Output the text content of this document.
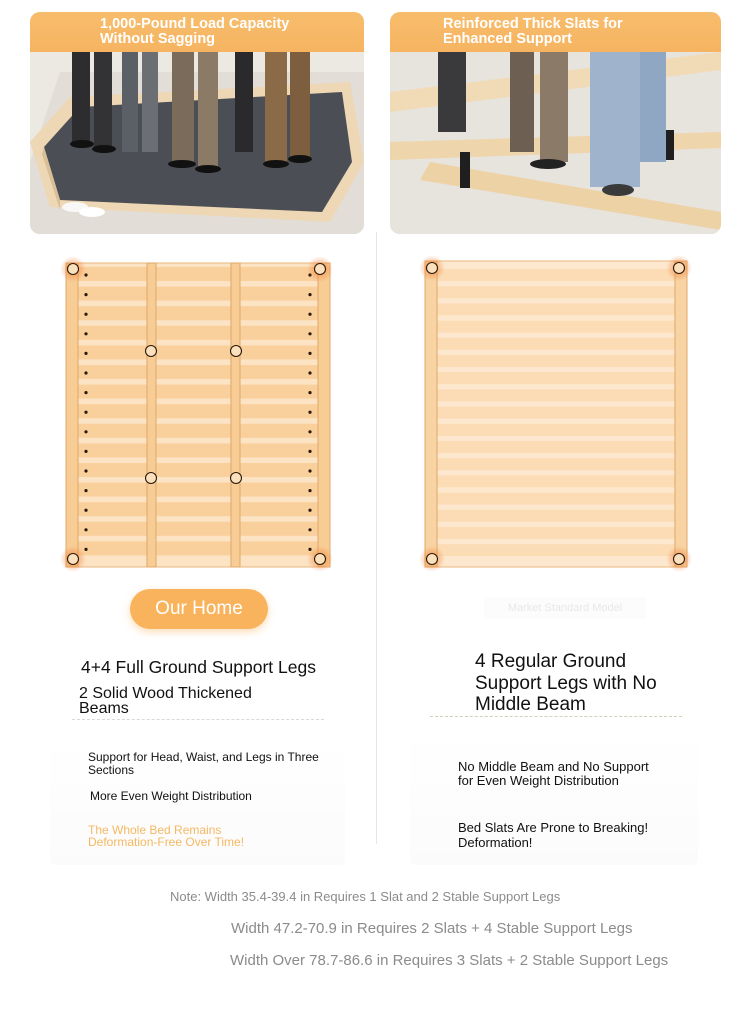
1,000-Pound Load Capacity
Without Sagging
Reinforced Thick Slats for
Enhanced Support
Our Home	Market Standard Model
4+4 Full Ground Support Legs
2 Solid Wood Thickened Beams
4 Regular Ground Support Legs with No Middle Beam
Support for Head, Waist, and Legs in Three Sections
More Even Weight Distribution
The Whole Bed Remains Deformation-Free Over Time!
No Middle Beam and No Support for Even Weight Distribution
Bed Slats Are Prone to Breaking! Deformation!
Note: Width 35.4-39.4 in Requires 1 Slat and 2 Stable Support Legs
Width 47.2-70.9 in Requires 2 Slats + 4 Stable Support Legs
Width Over 78.7-86.6 in Requires 3 Slats + 2 Stable Support Legs
